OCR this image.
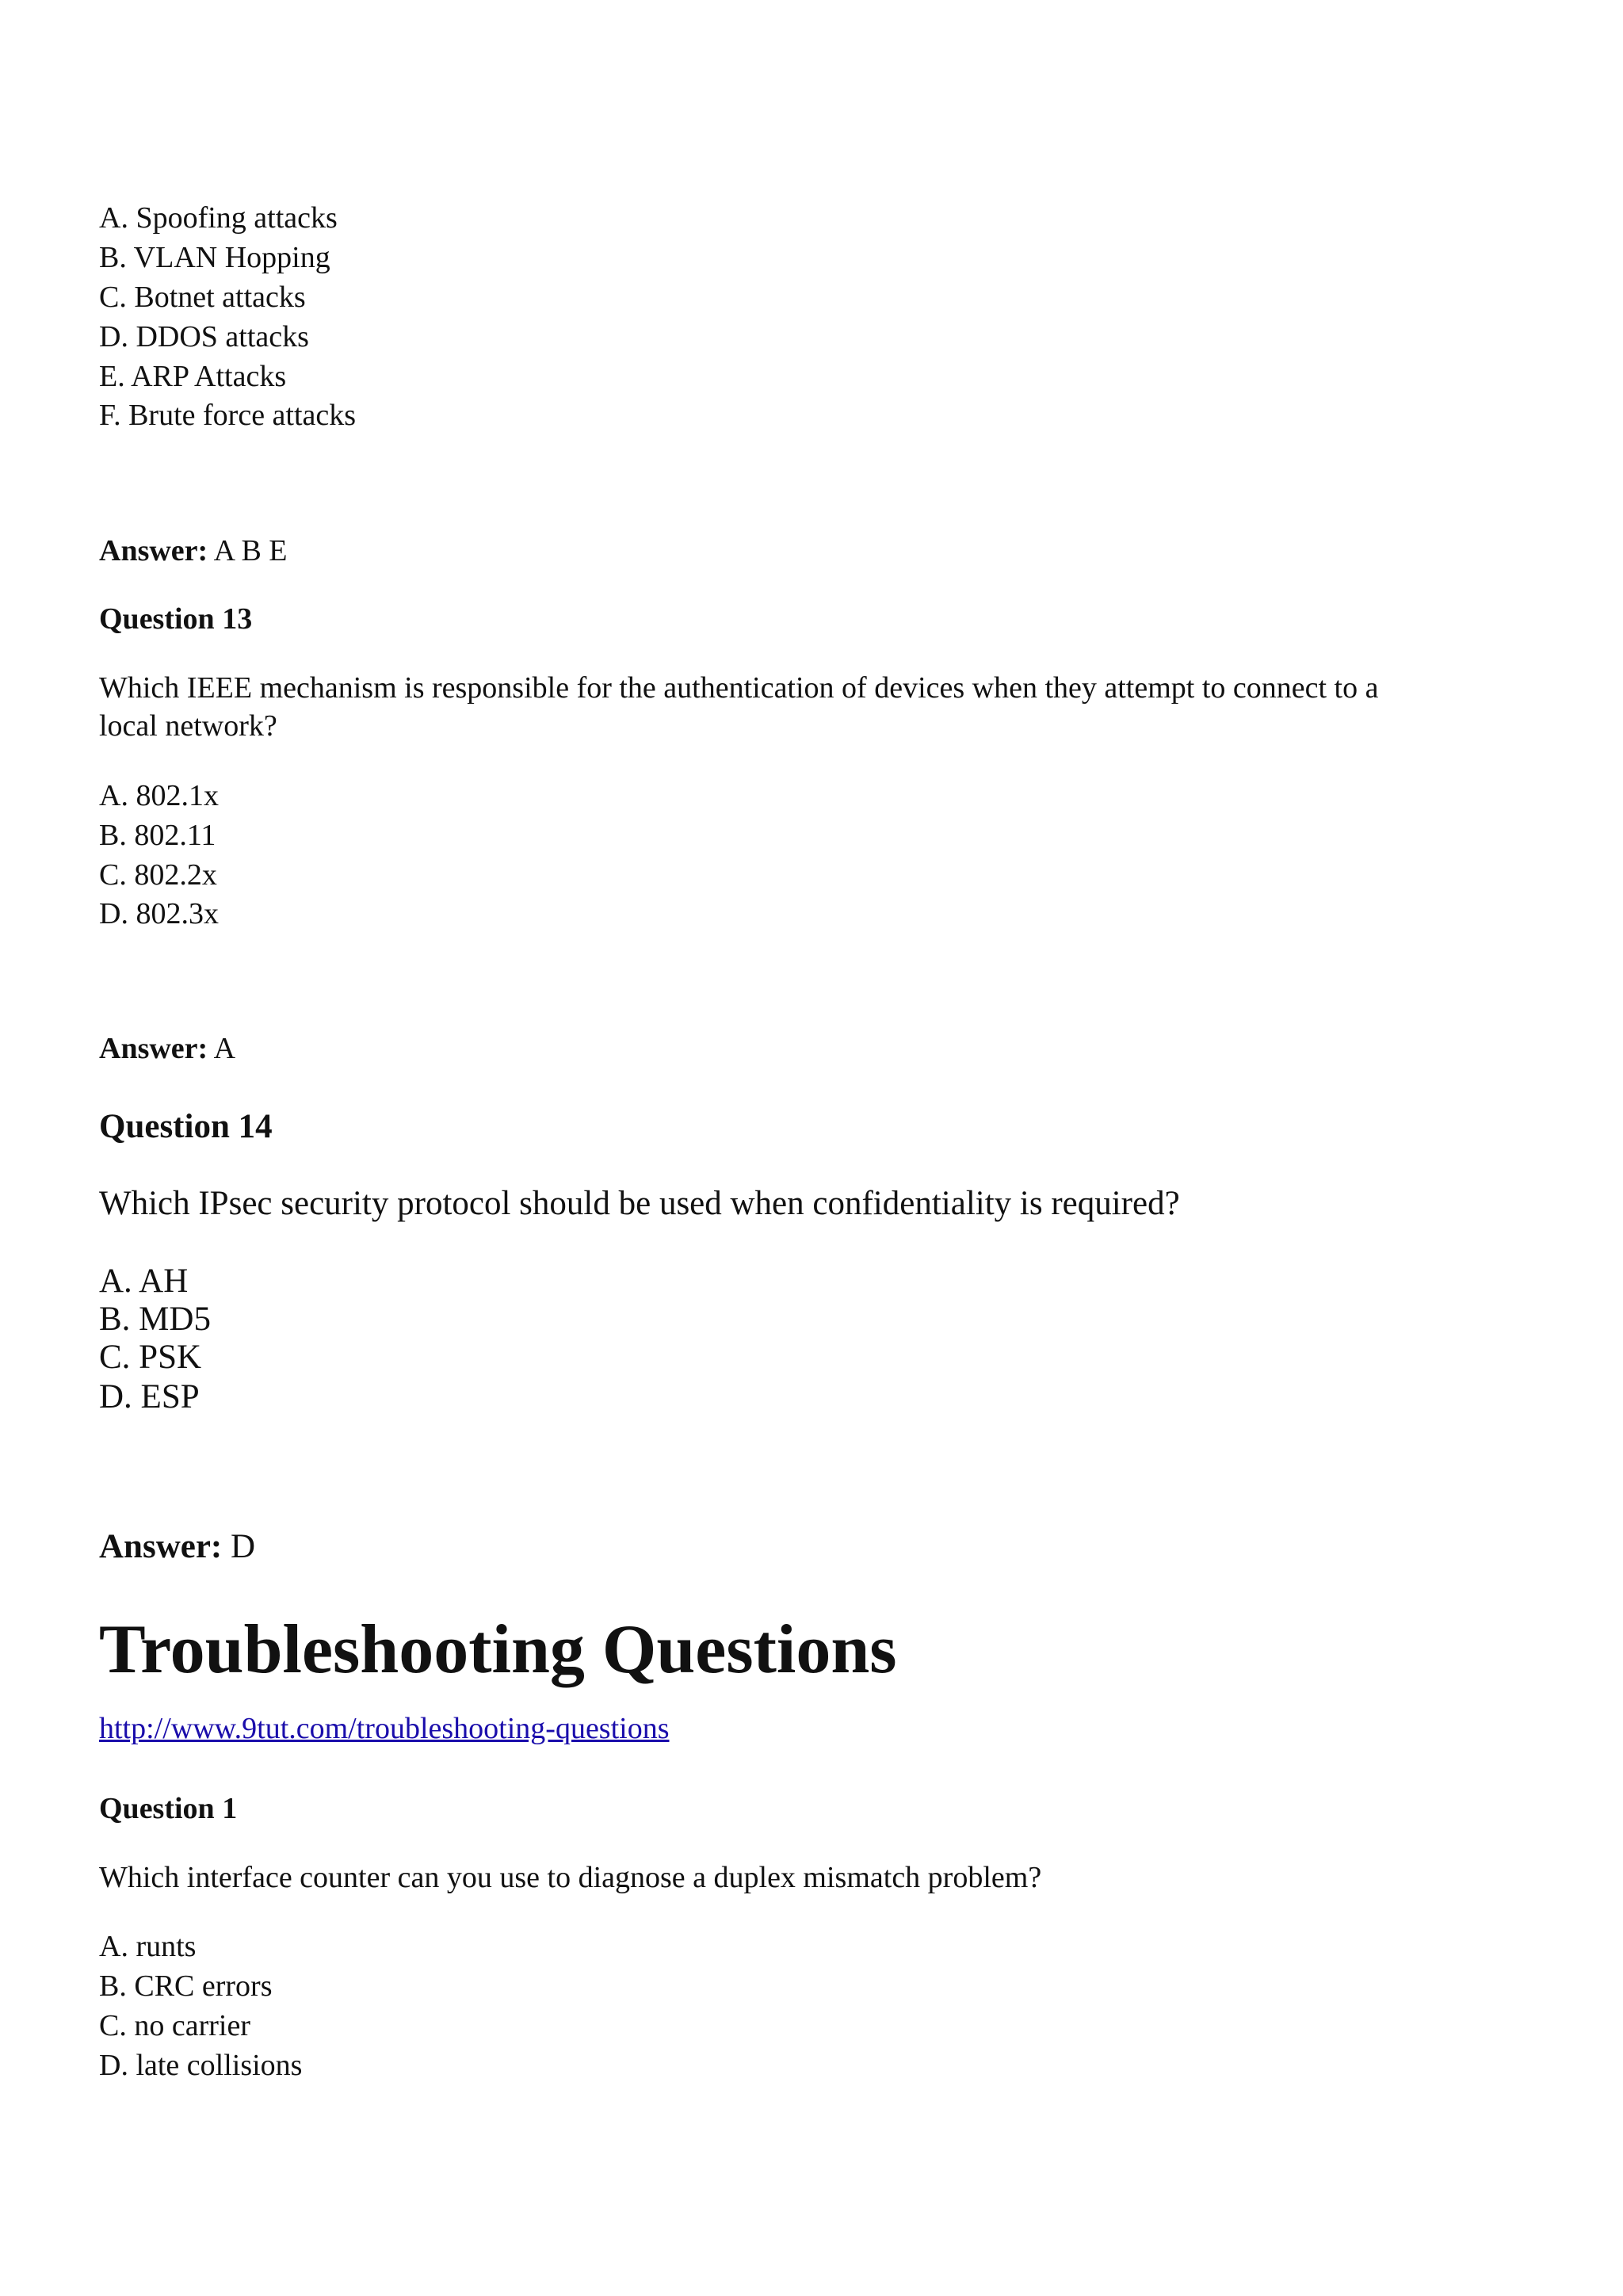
A. Spoofing attacks
B. VLAN Hopping
C. Botnet attacks
D. DDOS attacks
E. ARP Attacks
F. Brute force attacks
Answer: A B E
Question 13
Which IEEE mechanism is responsible for the authentication of devices when they attempt to connect to a
local network?
A. 802.1x
B. 802.11
C. 802.2x
D. 802.3x
Answer: A
Question 14
Which IPsec security protocol should be used when confidentiality is required?
A. AH
B. MD5
C. PSK
D. ESP
Answer: D
Troubleshooting Questions
http://www.9tut.com/troubleshooting-questions
Question 1
Which interface counter can you use to diagnose a duplex mismatch problem?
A. runts
B. CRC errors
C. no carrier
D. late collisions
